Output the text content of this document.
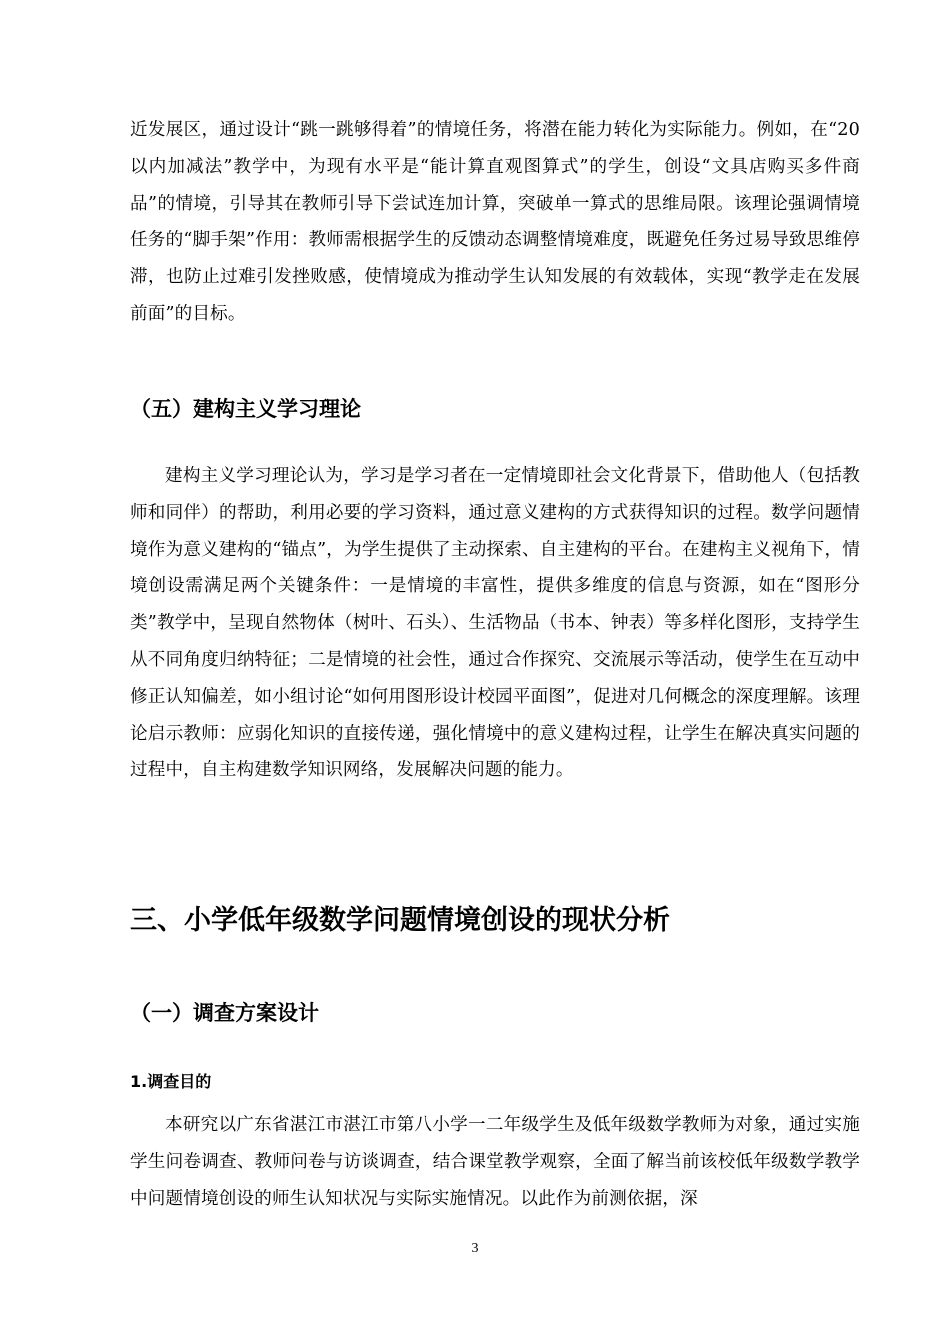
近发展区，通过设计“跳一跳够得着”的情境任务，将潜在能力转化为实际能力。例如，在“20以内加减法”教学中，为现有水平是“能计算直观图算式”的学生，创设“文具店购买多件商品”的情境，引导其在教师引导下尝试连加计算，突破单一算式的思维局限。该理论强调情境任务的“脚手架”作用：教师需根据学生的反馈动态调整情境难度，既避免任务过易导致思维停滞，也防止过难引发挫败感，使情境成为推动学生认知发展的有效载体，实现“教学走在发展前面”的目标。

（五）建构主义学习理论

建构主义学习理论认为，学习是学习者在一定情境即社会文化背景下，借助他人（包括教师和同伴）的帮助，利用必要的学习资料，通过意义建构的方式获得知识的过程。数学问题情境作为意义建构的“锚点”，为学生提供了主动探索、自主建构的平台。在建构主义视角下，情境创设需满足两个关键条件：一是情境的丰富性，提供多维度的信息与资源，如在“图形分类”教学中，呈现自然物体（树叶、石头）、生活物品（书本、钟表）等多样化图形，支持学生从不同角度归纳特征；二是情境的社会性，通过合作探究、交流展示等活动，使学生在互动中修正认知偏差，如小组讨论“如何用图形设计校园平面图”，促进对几何概念的深度理解。该理论启示教师：应弱化知识的直接传递，强化情境中的意义建构过程，让学生在解决真实问题的过程中，自主构建数学知识网络，发展解决问题的能力。

三、小学低年级数学问题情境创设的现状分析
（一）调查方案设计
1.调查目的

本研究以广东省湛江市湛江市第八小学一二年级学生及低年级数学教师为对象，通过实施学生问卷调查、教师问卷与访谈调查，结合课堂教学观察，全面了解当前该校低年级数学教学中问题情境创设的师生认知状况与实际实施情况。以此作为前测依据，深

3
